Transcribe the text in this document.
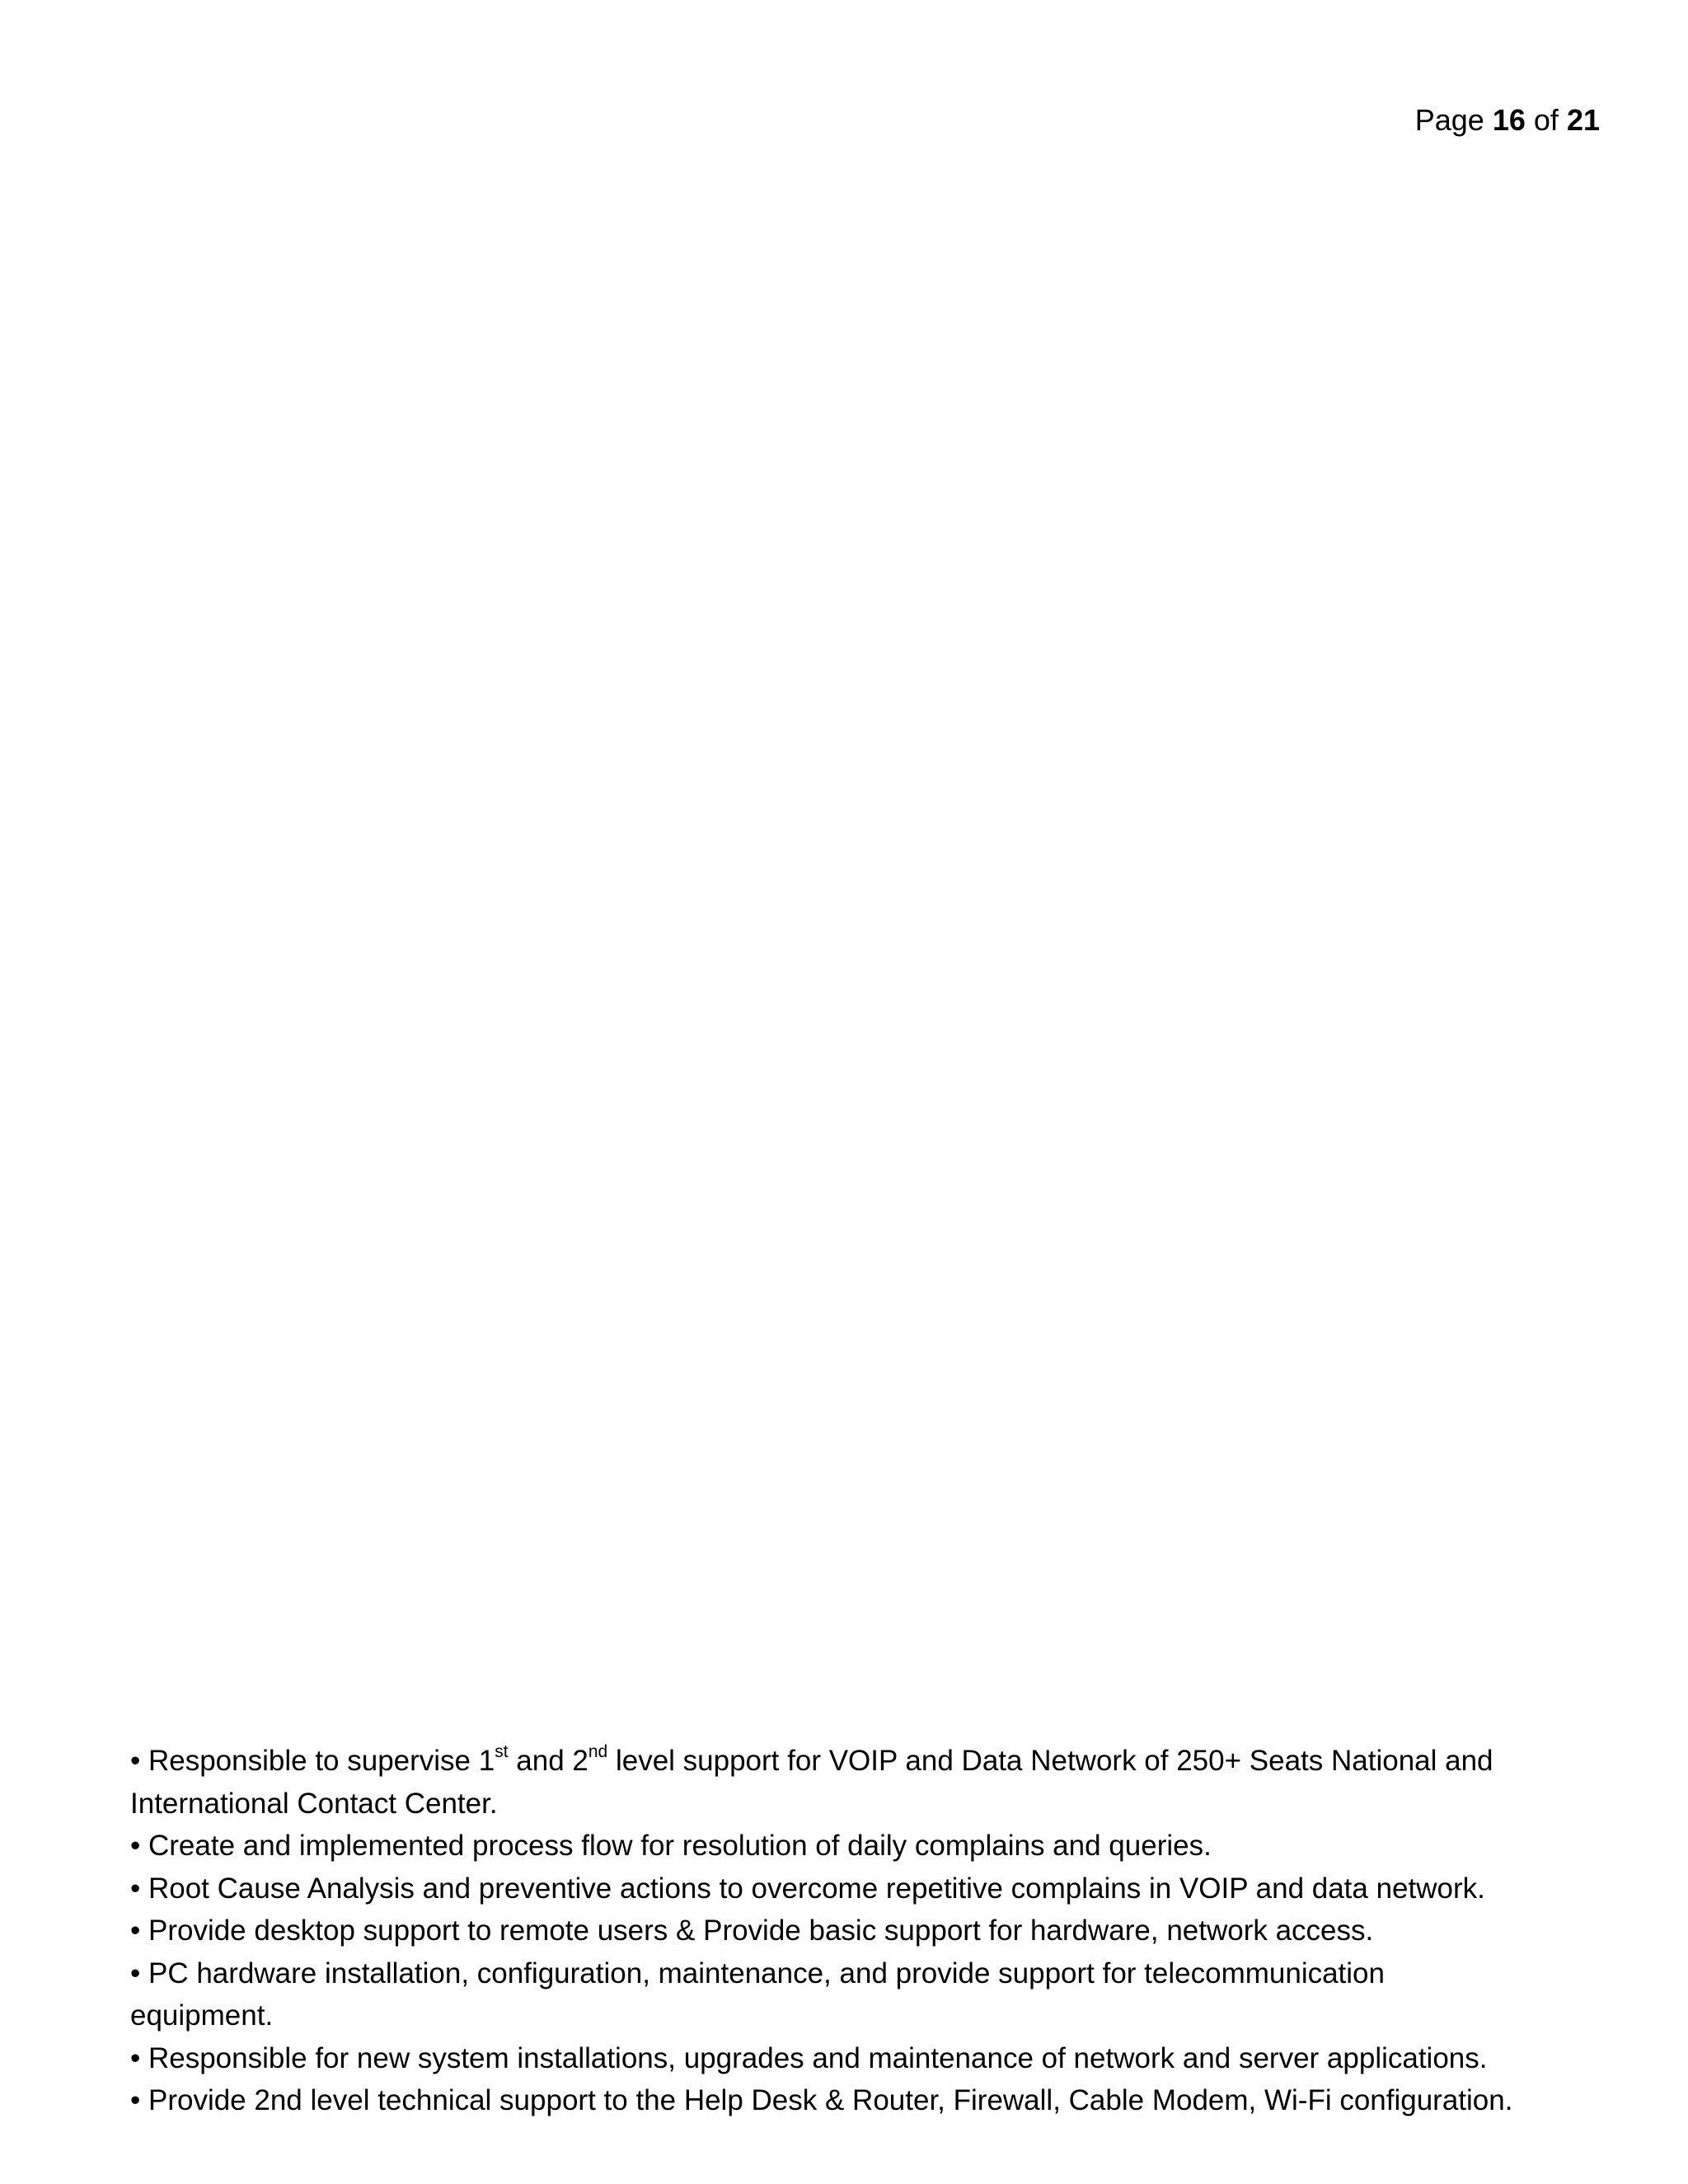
Page 16 of 21
• Responsible to supervise 1st and 2nd level support for VOIP and Data Network of 250+ Seats National and
International Contact Center.
• Create and implemented process flow for resolution of daily complains and queries.
• Root Cause Analysis and preventive actions to overcome repetitive complains in VOIP and data network.
• Provide desktop support to remote users & Provide basic support for hardware, network access.
• PC hardware installation, configuration, maintenance, and provide support for telecommunication
equipment.
• Responsible for new system installations, upgrades and maintenance of network and server applications.
• Provide 2nd level technical support to the Help Desk & Router, Firewall, Cable Modem, Wi-Fi configuration.
